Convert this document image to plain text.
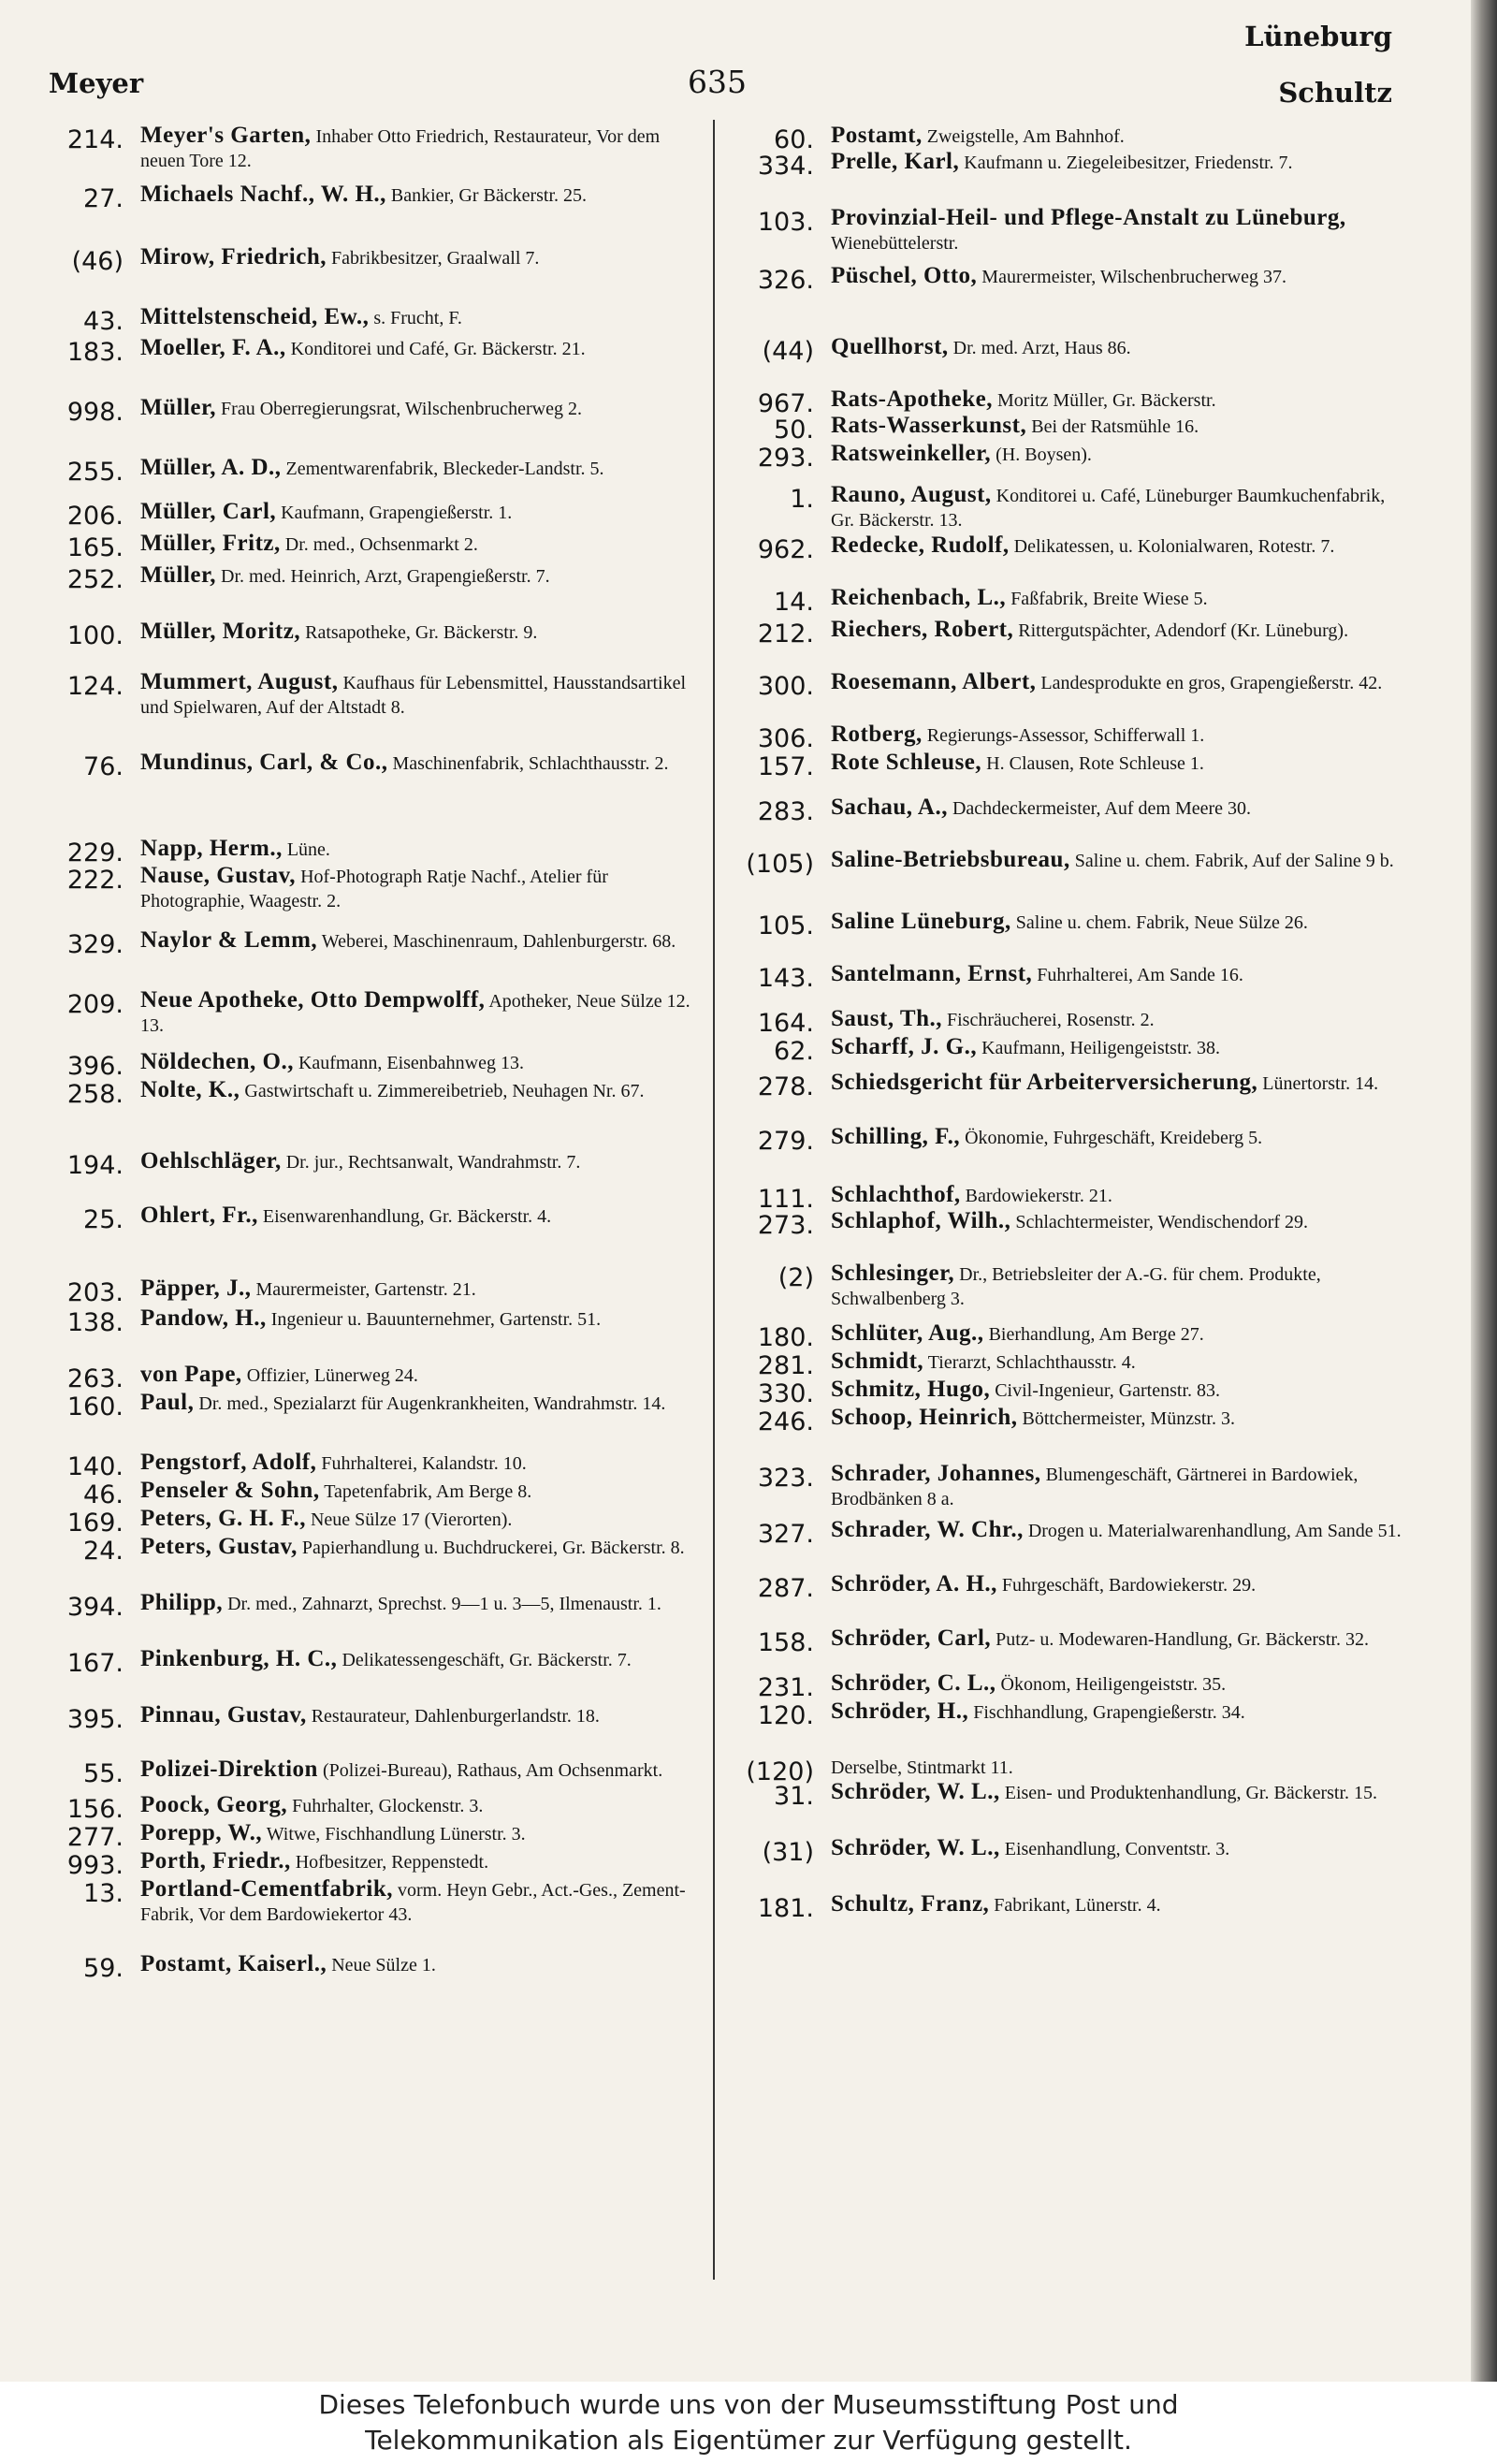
Meyer	635
Lüneburg
Schultz
214. Meyer's Garten, Inhaber Otto Friedrich, Restaurateur, Vor dem neuen Tore 12.
27. Michaels Nachf., W. H., Bankier, Gr Bäckerstr. 25.
(46) Mirow, Friedrich, Fabrikbesitzer, Graalwall 7.
43. Mittelstenscheid, Ew., s. Frucht, F.
183. Moeller, F. A., Konditorei und Café, Gr. Bäckerstr. 21.
998. Müller, Frau Oberregierungsrat, Wilschenbrucherweg 2.
255. Müller, A. D., Zementwarenfabrik, Bleckeder-Landstr. 5.
206. Müller, Carl, Kaufmann, Grapengießerstr. 1.
165. Müller, Fritz, Dr. med., Ochsenmarkt 2.
252. Müller, Dr. med. Heinrich, Arzt, Grapengießerstr. 7.
100. Müller, Moritz, Ratsapotheke, Gr. Bäckerstr. 9.
124. Mummert, August, Kaufhaus für Lebensmittel, Hausstandsartikel und Spielwaren, Auf der Altstadt 8.
76. Mundinus, Carl, & Co., Maschinenfabrik, Schlachthausstr. 2.
229. Napp, Herm., Lüne.
222. Nause, Gustav, Hof-Photograph Ratje Nachf., Atelier für Photographie, Waagestr. 2.
329. Naylor & Lemm, Weberei, Maschinenraum, Dahlenburgerstr. 68.
209. Neue Apotheke, Otto Dempwolff, Apotheker, Neue Sülze 12. 13.
396. Nöldechen, O., Kaufmann, Eisenbahnweg 13.
258. Nolte, K., Gastwirtschaft u. Zimmereibetrieb, Neuhagen Nr. 67.
194. Oehlschläger, Dr. jur., Rechtsanwalt, Wandrahmstr. 7.
25. Ohlert, Fr., Eisenwarenhandlung, Gr. Bäckerstr. 4.
203. Päpper, J., Maurermeister, Gartenstr. 21.
138. Pandow, H., Ingenieur u. Bauunternehmer, Gartenstr. 51.
263. von Pape, Offizier, Lünerweg 24.
160. Paul, Dr. med., Spezialarzt für Augenkrankheiten, Wandrahmstr. 14.
140. Pengstorf, Adolf, Fuhrhalterei, Kalandstr. 10.
46. Penseler & Sohn, Tapetenfabrik, Am Berge 8.
169. Peters, G. H. F., Neue Sülze 17 (Vierorten).
24. Peters, Gustav, Papierhandlung u. Buchdruckerei, Gr. Bäckerstr. 8.
394. Philipp, Dr. med., Zahnarzt, Sprechst. 9—1 u. 3—5, Ilmenaustr. 1.
167. Pinkenburg, H. C., Delikatessengeschäft, Gr. Bäckerstr. 7.
395. Pinnau, Gustav, Restaurateur, Dahlenburgerlandstr. 18.
55. Polizei-Direktion (Polizei-Bureau), Rathaus, Am Ochsenmarkt.
156. Poock, Georg, Fuhrhalter, Glockenstr. 3.
277. Porepp, W., Witwe, Fischhandlung Lünerstr. 3.
993. Porth, Friedr., Hofbesitzer, Reppenstedt.
13. Portland-Cementfabrik, vorm. Heyn Gebr., Act.-Ges., Zement-Fabrik, Vor dem Bardowiekertor 43.
59. Postamt, Kaiserl., Neue Sülze 1.
60. Postamt, Zweigstelle, Am Bahnhof.
334. Prelle, Karl, Kaufmann u. Ziegeleibesitzer, Friedenstr. 7.
103. Provinzial-Heil- und Pflege-Anstalt zu Lüneburg, Wienebüttelerstr.
326. Püschel, Otto, Maurermeister, Wilschenbrucherweg 37.
(44) Quellhorst, Dr. med. Arzt, Haus 86.
967. Rats-Apotheke, Moritz Müller, Gr. Bäckerstr.
50. Rats-Wasserkunst, Bei der Ratsmühle 16.
293. Ratsweinkeller, (H. Boysen).
1. Rauno, August, Konditorei u. Café, Lüneburger Baumkuchenfabrik, Gr. Bäckerstr. 13.
962. Redecke, Rudolf, Delikatessen, u. Kolonialwaren, Rotestr. 7.
14. Reichenbach, L., Faßfabrik, Breite Wiese 5.
212. Riechers, Robert, Rittergutspächter, Adendorf (Kr. Lüneburg).
300. Roesemann, Albert, Landesprodukte en gros, Grapengießerstr. 42.
306. Rotberg, Regierungs-Assessor, Schifferwall 1.
157. Rote Schleuse, H. Clausen, Rote Schleuse 1.
283. Sachau, A., Dachdeckermeister, Auf dem Meere 30.
(105) Saline-Betriebsbureau, Saline u. chem. Fabrik, Auf der Saline 9 b.
105. Saline Lüneburg, Saline u. chem. Fabrik, Neue Sülze 26.
143. Santelmann, Ernst, Fuhrhalterei, Am Sande 16.
164. Saust, Th., Fischräucherei, Rosenstr. 2.
62. Scharff, J. G., Kaufmann, Heiligengeiststr. 38.
278. Schiedsgericht für Arbeiterversicherung, Lünertorstr. 14.
279. Schilling, F., Ökonomie, Fuhrgeschäft, Kreideberg 5.
111. Schlachthof, Bardowiekerstr. 21.
273. Schlaphof, Wilh., Schlachtermeister, Wendischendorf 29.
(2) Schlesinger, Dr., Betriebsleiter der A.-G. für chem. Produkte, Schwalbenberg 3.
180. Schlüter, Aug., Bierhandlung, Am Berge 27.
281. Schmidt, Tierarzt, Schlachthausstr. 4.
330. Schmitz, Hugo, Civil-Ingenieur, Gartenstr. 83.
246. Schoop, Heinrich, Böttchermeister, Münzstr. 3.
323. Schrader, Johannes, Blumengeschäft, Gärtnerei in Bardowiek, Brodbänken 8 a.
327. Schrader, W. Chr., Drogen u. Materialwarenhandlung, Am Sande 51.
287. Schröder, A. H., Fuhrgeschäft, Bardowiekerstr. 29.
158. Schröder, Carl, Putz- u. Modewaren-Handlung, Gr. Bäckerstr. 32.
231. Schröder, C. L., Ökonom, Heiligengeiststr. 35.
120. Schröder, H., Fischhandlung, Grapengießerstr. 34.
(120) Derselbe, Stintmarkt 11.
31. Schröder, W. L., Eisen- und Produktenhandlung, Gr. Bäckerstr. 15.
(31) Schröder, W. L., Eisenhandlung, Conventstr. 3.
181. Schultz, Franz, Fabrikant, Lünerstr. 4.
Dieses Telefonbuch wurde uns von der Museumsstiftung Post und
Telekommunikation als Eigentümer zur Verfügung gestellt.
